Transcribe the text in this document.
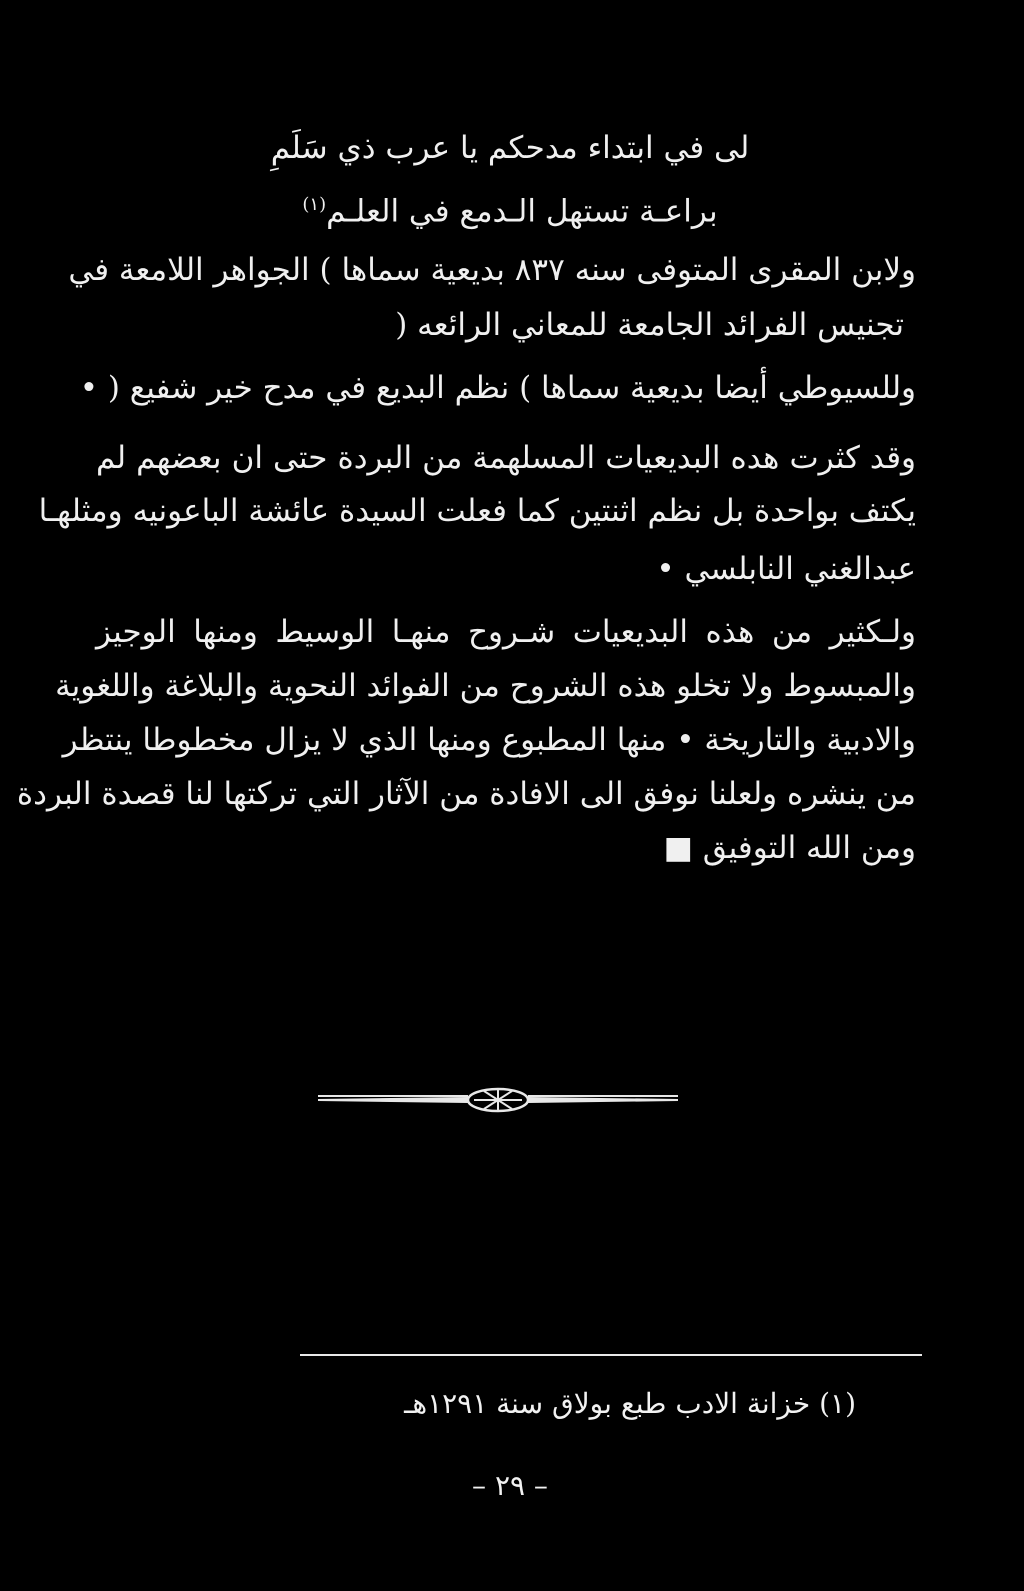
لى في ابتداء مدحكم يا عرب ذي سَلَمِ
براعـة تستهل الـدمع في العلـم$^{(١)}$
ولابن المقرى المتوفى سنه ٨٣٧ بديعية سماها ) الجواهر اللامعة في
تجنيس الفرائد الجامعة للمعاني الرائعه (
وللسيوطي أيضا بديعية سماها ) نظم البديع في مدح خير شفيع ( •
وقد كثرت هده البديعيات المسلهمة من البردة حتى ان بعضهم لم
يكتف بواحدة بل نظم اثنتين كما فعلت السيدة عائشة الباعونيه ومثلهـا
عبدالغني النابلسي •
ولـكثير من هذه البديعيات شـروح منهـا الوسيط ومنها الوجيز
والمبسوط ولا تخلو هذه الشروح من الفوائد النحوية والبلاغة واللغوية
والادبية والتاريخة • منها المطبوع ومنها الذي لا يزال مخطوطا ينتظر
من ينشره ولعلنا نوفق الى الافادة من الآثار التي تركتها لنا قصدة البردة
ومن الله التوفيق ■
(١) خزانة الادب طبع بولاق سنة ١٢٩١هـ
– ٢٩ –
